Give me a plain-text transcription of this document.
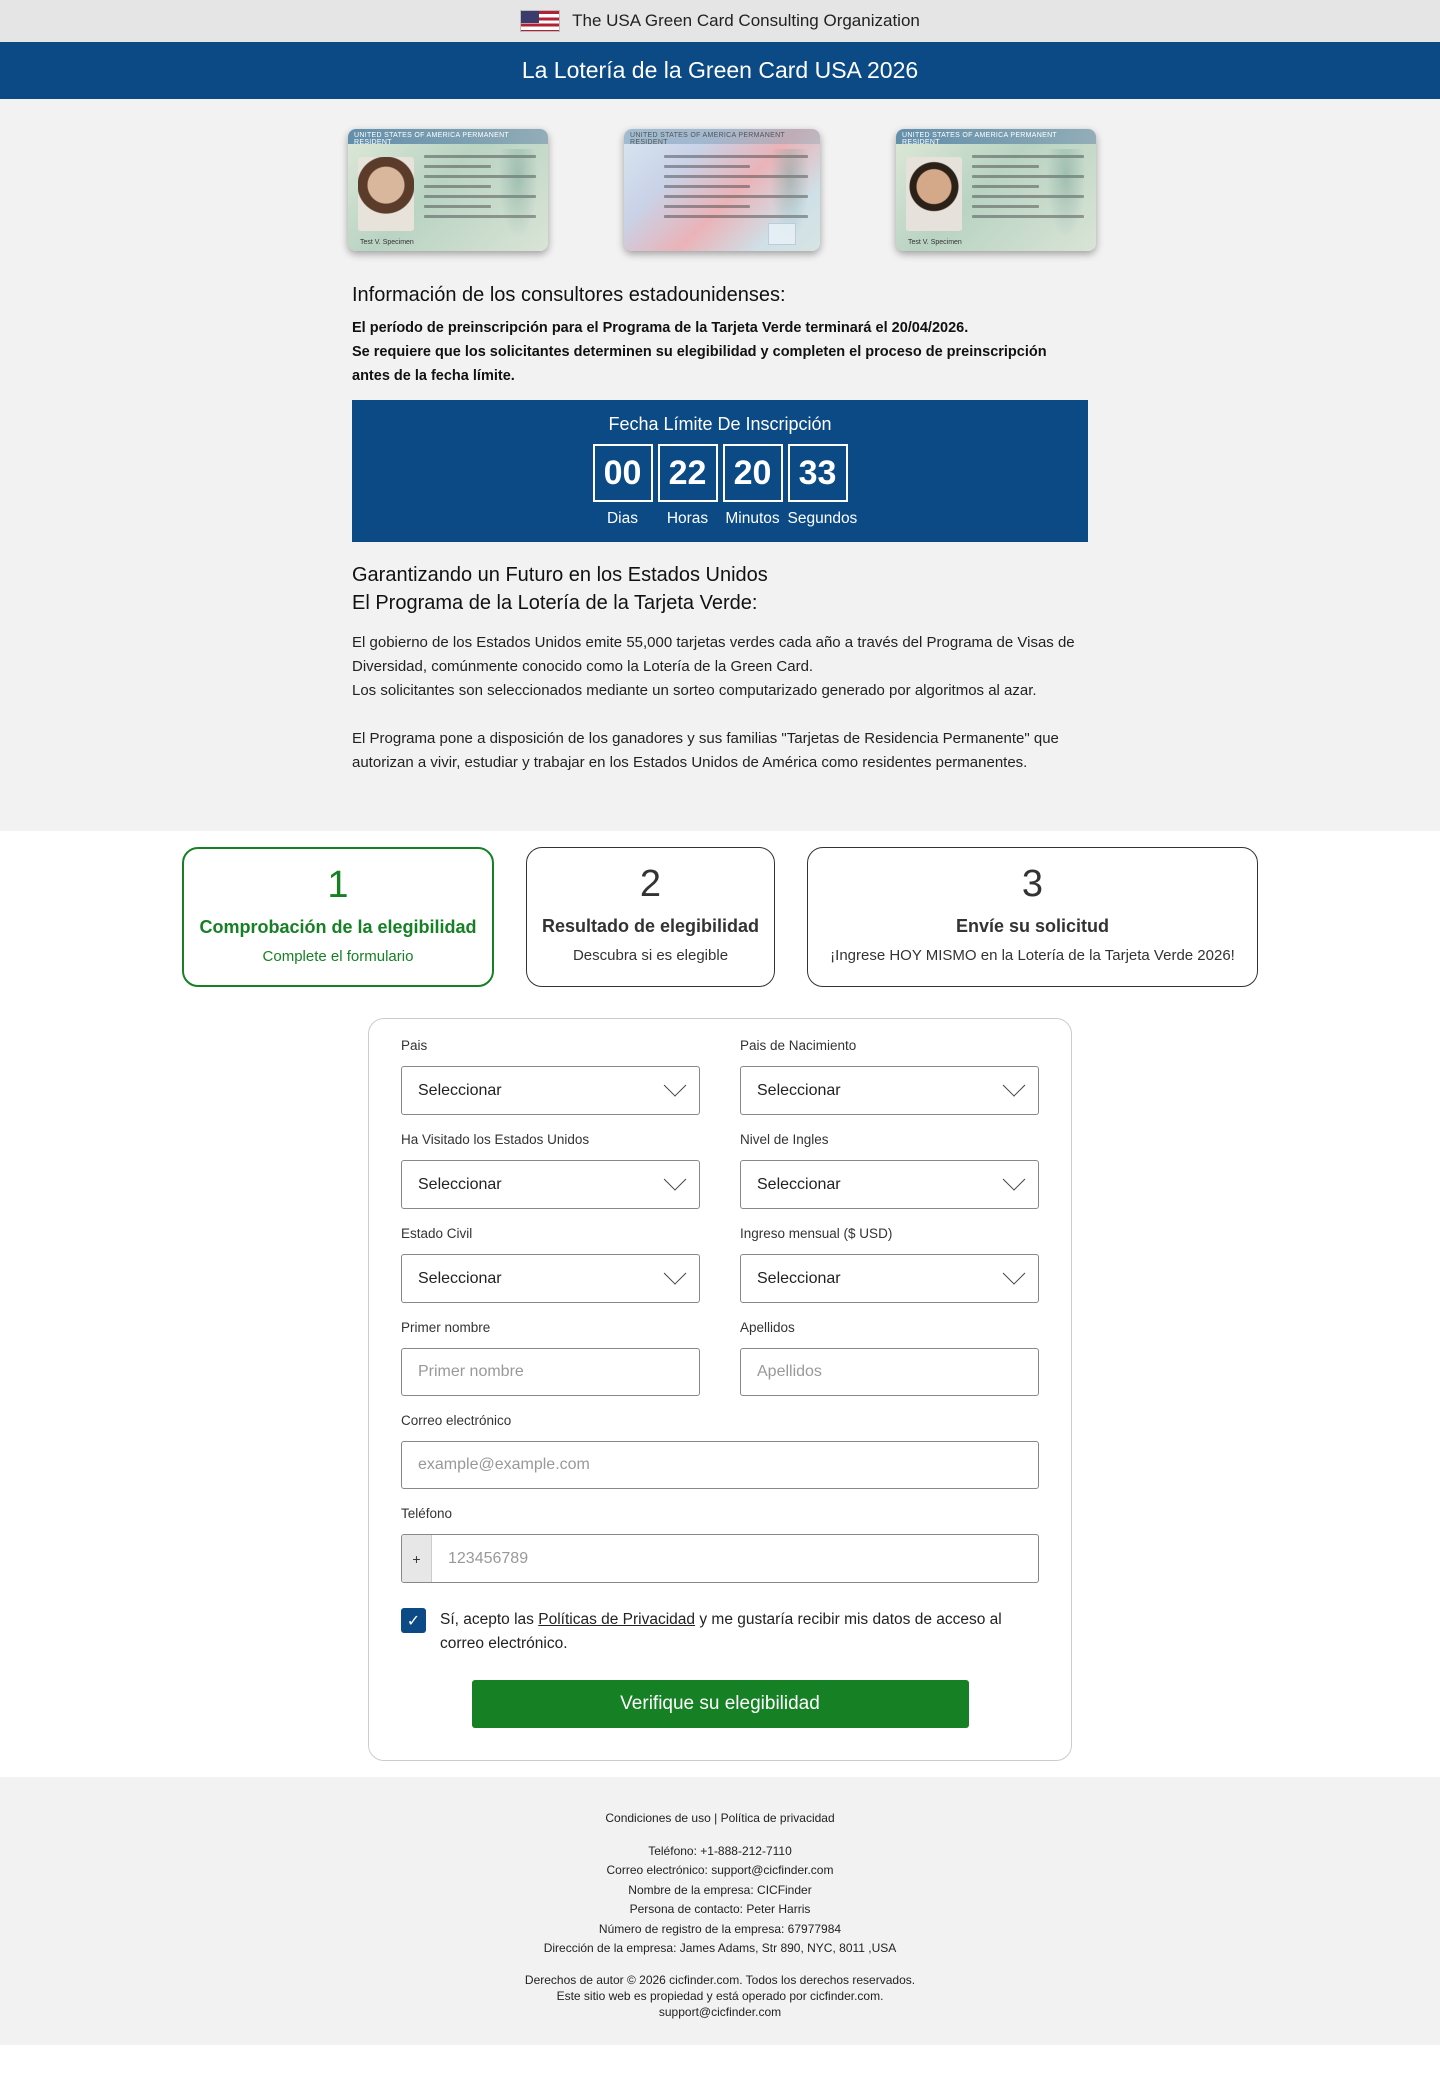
The USA Green Card Consulting Organization
La Lotería de la Green Card USA 2026
UNITED STATES OF AMERICA PERMANENT RESIDENT
Test V. Specimen
UNITED STATES OF AMERICA PERMANENT RESIDENT
UNITED STATES OF AMERICA PERMANENT RESIDENT
Test V. Specimen
Información de los consultores estadounidenses:

El período de preinscripción para el Programa de la Tarjeta Verde terminará el 20/04/2026.
Se requiere que los solicitantes determinen su elegibilidad y completen el proceso de preinscripción antes de la fecha límite.

Fecha Límite De Inscripción
00 22 20 33
Dias	Horas	Minutos Segundos
Garantizando un Futuro en los Estados Unidos
El Programa de la Lotería de la Tarjeta Verde:

El gobierno de los Estados Unidos emite 55,000 tarjetas verdes cada año a través del Programa de Visas de Diversidad, comúnmente conocido como la Lotería de la Green Card.
Los solicitantes son seleccionados mediante un sorteo computarizado generado por algoritmos al azar.

El Programa pone a disposición de los ganadores y sus familias "Tarjetas de Residencia Permanente" que autorizan a vivir, estudiar y trabajar en los Estados Unidos de América como residentes permanentes.

1
Comprobación de la elegibilidad
Complete el formulario
2
Resultado de elegibilidad
Descubra si es elegible
3
Envíe su solicitud
¡Ingrese HOY MISMO en la Lotería de la Tarjeta Verde 2026!
Pais
Seleccionar
Pais de Nacimiento
Seleccionar
Ha Visitado los Estados Unidos
Seleccionar
Nivel de Ingles
Seleccionar
Estado Civil
Seleccionar
Ingreso mensual ($ USD)
Seleccionar
Primer nombre
Primer nombre
Apellidos
Apellidos
Correo electrónico
example@example.com
Teléfono
+	123456789
✓	Sí, acepto las Políticas de Privacidad y me gustaría recibir mis datos de acceso al correo electrónico.

Verifique su elegibilidad
Condiciones de uso | Política de privacidad
Teléfono: +1-888-212-7110
Correo electrónico: support@cicfinder.com
Nombre de la empresa: CICFinder
Persona de contacto: Peter Harris
Número de registro de la empresa: 67977984
Dirección de la empresa: James Adams, Str 890, NYC, 8011 ,USA
Derechos de autor © 2026 cicfinder.com. Todos los derechos reservados.
Este sitio web es propiedad y está operado por cicfinder.com.
support@cicfinder.com
